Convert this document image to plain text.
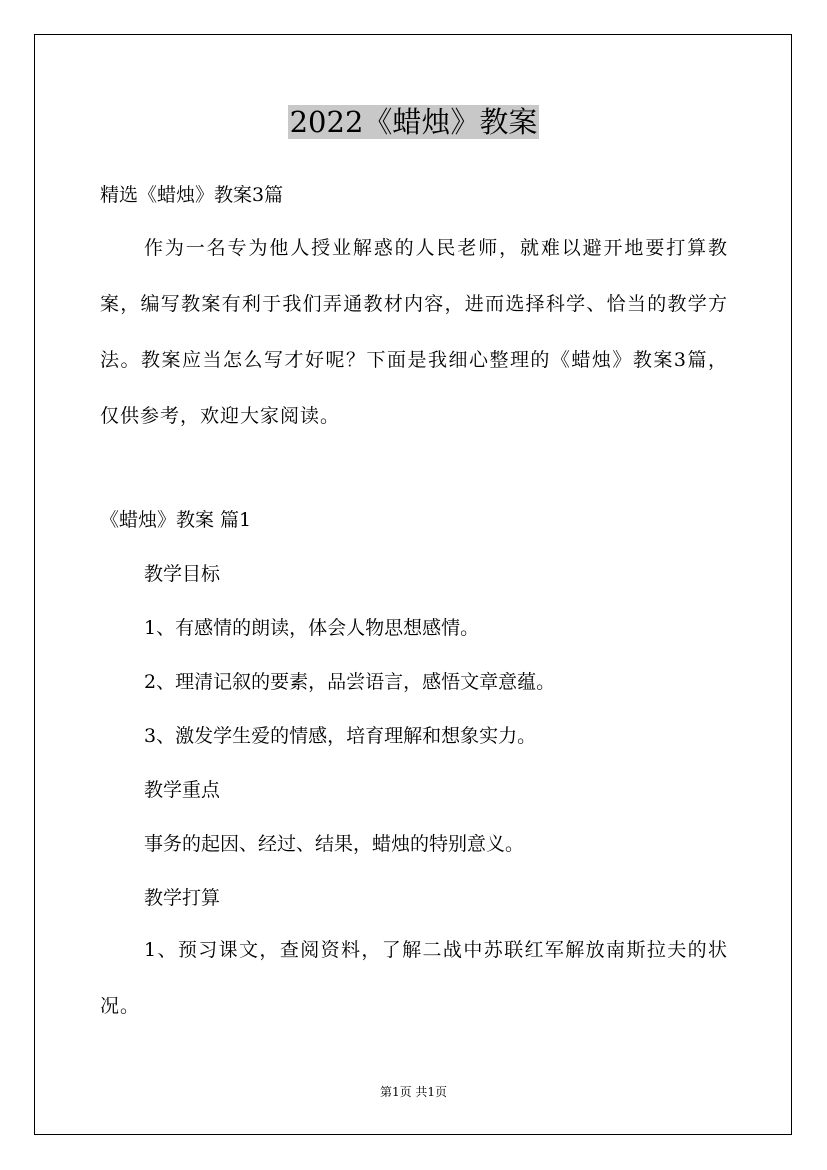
2022《蜡烛》教案
精选《蜡烛》教案3篇
作为一名专为他人授业解惑的人民老师，就难以避开地要打算教案，编写教案有利于我们弄通教材内容，进而选择科学、恰当的教学方法。教案应当怎么写才好呢？下面是我细心整理的《蜡烛》教案3篇，仅供参考，欢迎大家阅读。
《蜡烛》教案 篇1
教学目标
1、有感情的朗读，体会人物思想感情。
2、理清记叙的要素，品尝语言，感悟文章意蕴。
3、激发学生爱的情感，培育理解和想象实力。
教学重点
事务的起因、经过、结果，蜡烛的特别意义。
教学打算
1、预习课文，查阅资料，了解二战中苏联红军解放南斯拉夫的状况。
第1页 共1页
